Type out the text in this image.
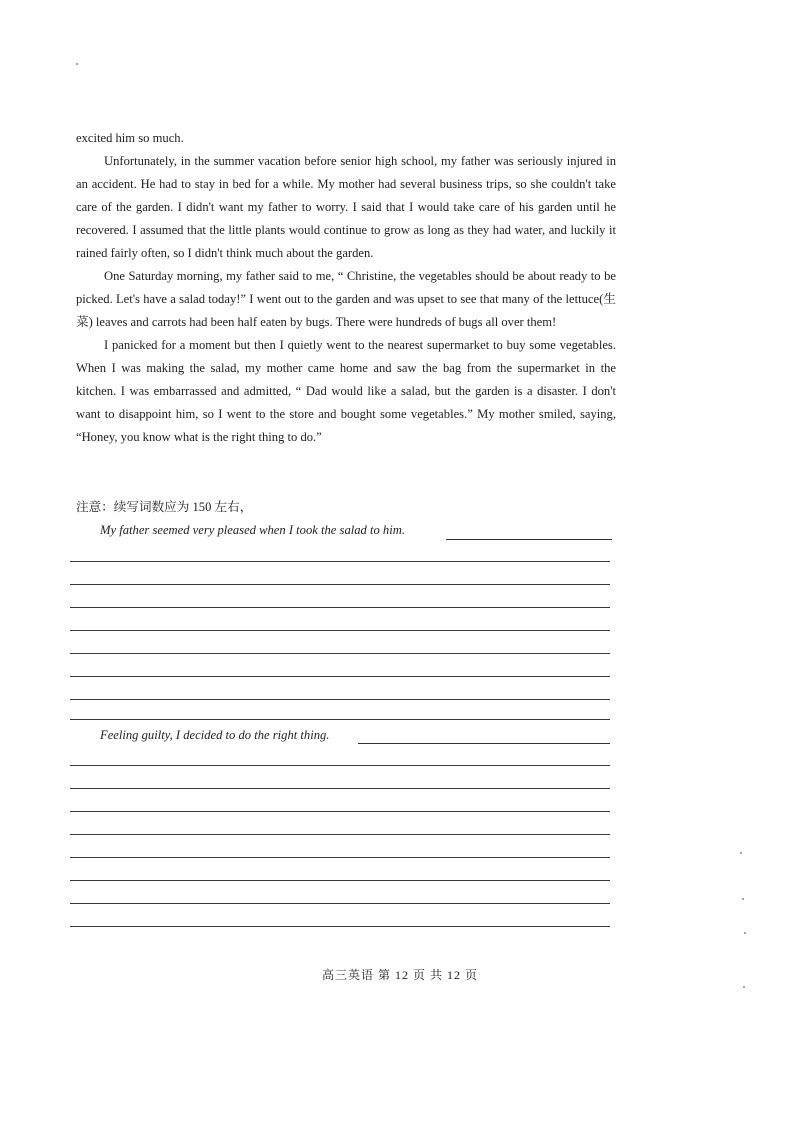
excited him so much.

Unfortunately, in the summer vacation before senior high school, my father was seriously injured in an accident. He had to stay in bed for a while. My mother had several business trips, so she couldn't take care of the garden. I didn't want my father to worry. I said that I would take care of his garden until he recovered. I assumed that the little plants would continue to grow as long as they had water, and luckily it rained fairly often, so I didn't think much about the garden.

One Saturday morning, my father said to me, “ Christine, the vegetables should be about ready to be picked. Let's have a salad today!” I went out to the garden and was upset to see that many of the lettuce(生菜) leaves and carrots had been half eaten by bugs. There were hundreds of bugs all over them!

I panicked for a moment but then I quietly went to the nearest supermarket to buy some vegetables. When I was making the salad, my mother came home and saw the bag from the supermarket in the kitchen. I was embarrassed and admitted, “ Dad would like a salad, but the garden is a disaster. I don't want to disappoint him, so I went to the store and bought some vegetables.” My mother smiled, saying, “Honey, you know what is the right thing to do.”

注意：续写词数应为 150 左右，
My father seemed very pleased when I took the salad to him.
Feeling guilty, I decided to do the right thing.
高三英语 第 12 页 共 12 页
